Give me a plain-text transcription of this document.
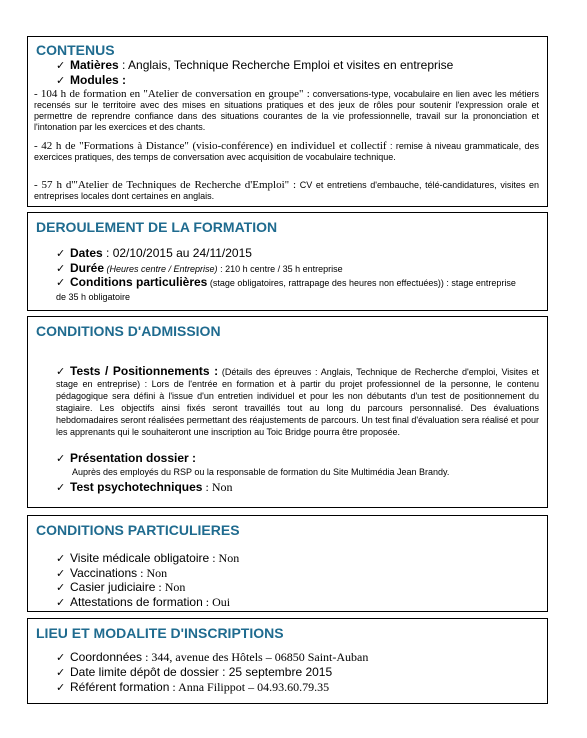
CONTENUS
✓ Matières : Anglais, Technique Recherche Emploi et visites en entreprise
✓ Modules :
- 104 h de formation en "Atelier de conversation en groupe" : conversations-type, vocabulaire en lien avec les métiers recensés sur le territoire avec des mises en situations pratiques et des jeux de rôles pour soutenir l'expression orale et permettre de reprendre confiance dans des situations courantes de la vie professionnelle, travail sur la prononciation et l'intonation par les exercices et des chants.
- 42 h de "Formations à Distance" (visio-conférence) en individuel et collectif : remise à niveau grammaticale, des exercices pratiques, des temps de conversation avec acquisition de vocabulaire technique.
- 57 h d'"Atelier de Techniques de Recherche d'Emploi" : CV et entretiens d'embauche, télé-candidatures, visites en entreprises locales dont certaines en anglais.
DEROULEMENT DE LA FORMATION
✓ Dates : 02/10/2015 au 24/11/2015
✓ Durée (Heures centre / Entreprise) : 210 h centre / 35 h entreprise
✓ Conditions particulières (stage obligatoires, rattrapage des heures non effectuées)) : stage entreprise de 35 h obligatoire
CONDITIONS D'ADMISSION
✓ Tests / Positionnements : (Détails des épreuves : Anglais, Technique de Recherche d'emploi, Visites et stage en entreprise) : Lors de l'entrée en formation et à partir du projet professionnel de la personne, le contenu pédagogique sera défini à l'issue d'un entretien individuel et pour les non débutants d'un test de positionnement du stagiaire. Les objectifs ainsi fixés seront travaillés tout au long du parcours personnalisé. Des évaluations hebdomadaires seront réalisées permettant des réajustements de parcours. Un test final d'évaluation sera réalisé et pour les apprenants qui le souhaiteront une inscription au Toic Bridge pourra être proposée.
✓ Présentation dossier :
Auprès des employés du RSP ou la responsable de formation du Site Multimédia Jean Brandy.
✓ Test psychotechniques : Non
CONDITIONS PARTICULIERES
✓ Visite médicale obligatoire : Non
✓ Vaccinations : Non
✓ Casier judiciaire : Non
✓ Attestations de formation : Oui
LIEU ET MODALITE D'INSCRIPTIONS
✓ Coordonnées : 344, avenue des Hôtels – 06850 Saint-Auban
✓ Date limite dépôt de dossier : 25 septembre 2015
✓ Référent formation : Anna Filippot – 04.93.60.79.35
